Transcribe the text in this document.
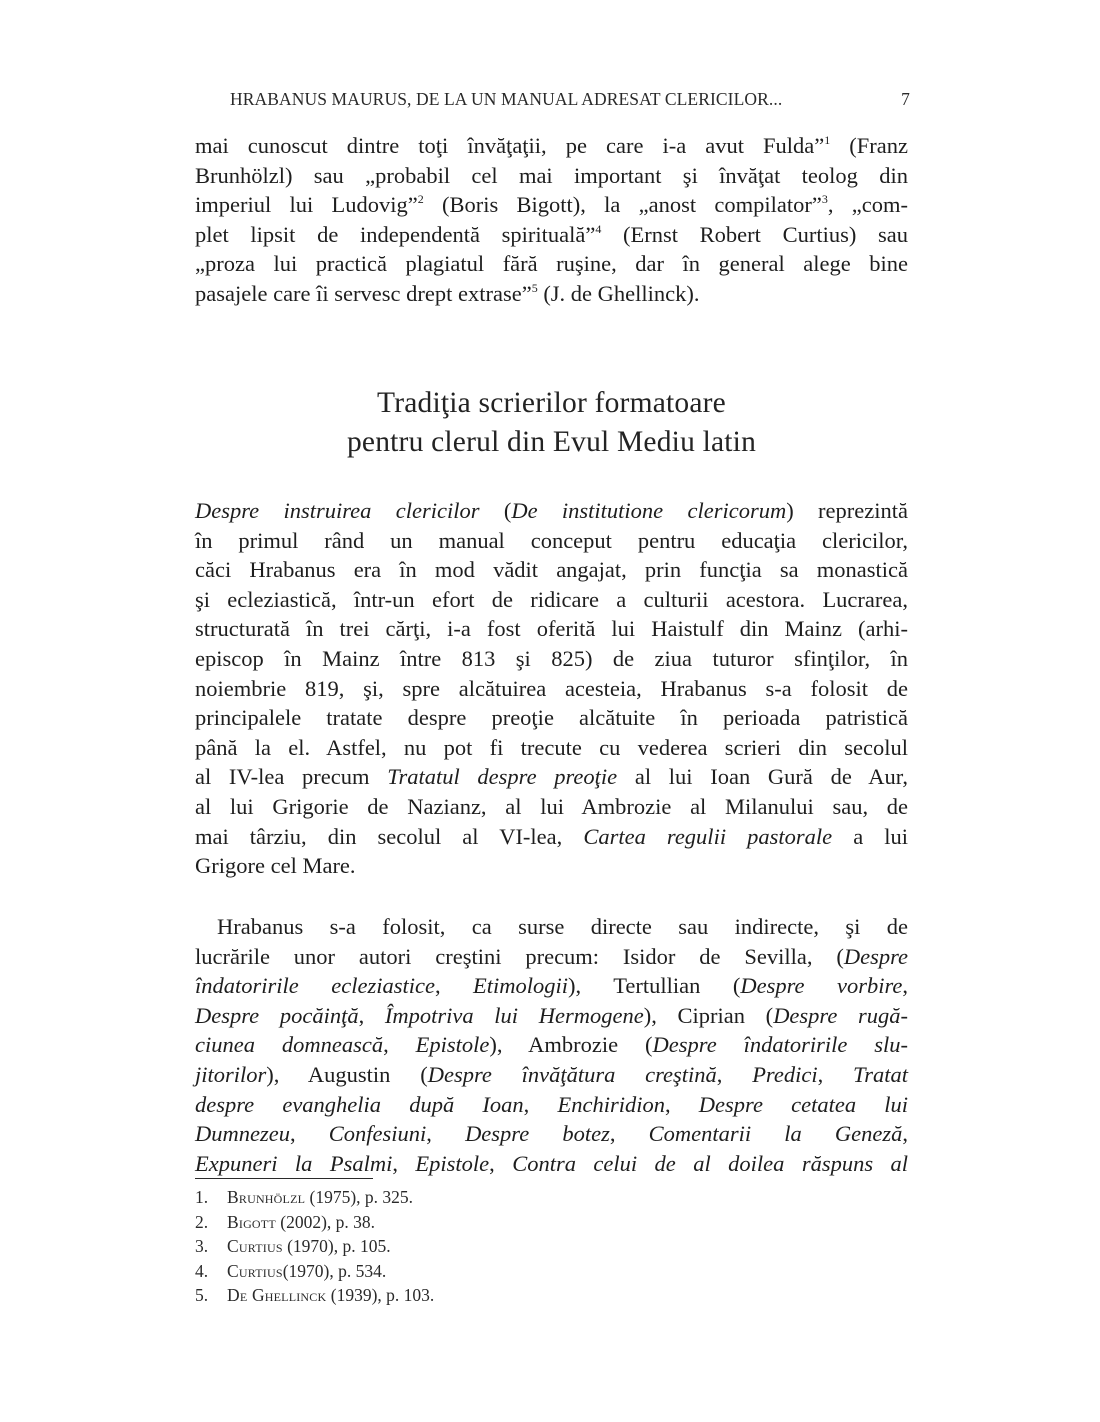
HRABANUS MAURUS, DE LA UN MANUAL ADRESAT CLERICILOR...	7
mai cunoscut dintre toţi învăţaţii, pe care i-a avut Fulda”$^1$ (Franz
Brunhölzl) sau „probabil cel mai important şi învăţat teolog din
imperiul lui Ludovig”$^2$ (Boris Bigott), la „anost compilator”$^3$, „com-
plet lipsit de independentă spirituală”$^4$ (Ernst Robert Curtius) sau
„proza lui practică plagiatul fără ruşine, dar în general alege bine
pasajele care îi servesc drept extrase”$^5$ (J. de Ghellinck).
Tradiţia scrierilor formatoare
pentru clerul din Evul Mediu latin
Despre instruirea clericilor (De institutione clericorum) reprezintă
în primul rând un manual conceput pentru educaţia clericilor,
căci Hrabanus era în mod vădit angajat, prin funcţia sa monastică
şi ecleziastică, într-un efort de ridicare a culturii acestora. Lucrarea,
structurată în trei cărţi, i-a fost oferită lui Haistulf din Mainz (arhi-
episcop în Mainz între 813 şi 825) de ziua tuturor sfinţilor, în
noiembrie 819, şi, spre alcătuirea acesteia, Hrabanus s-a folosit de
principalele tratate despre preoţie alcătuite în perioada patristică
până la el. Astfel, nu pot fi trecute cu vederea scrieri din secolul
al IV-lea precum Tratatul despre preoţie al lui Ioan Gură de Aur,
al lui Grigorie de Nazianz, al lui Ambrozie al Milanului sau, de
mai târziu, din secolul al VI-lea, Cartea regulii pastorale a lui
Grigore cel Mare.
Hrabanus s-a folosit, ca surse directe sau indirecte, şi de
lucrările unor autori creştini precum: Isidor de Sevilla, (Despre
îndatoririle ecleziastice, Etimologii), Tertullian (Despre vorbire,
Despre pocăinţă, Împotriva lui Hermogene), Ciprian (Despre rugă-
ciunea domnească, Epistole), Ambrozie (Despre îndatoririle slu-
jitorilor), Augustin (Despre învăţătura creştină, Predici, Tratat
despre evanghelia după Ioan, Enchiridion, Despre cetatea lui
Dumnezeu, Confesiuni, Despre botez, Comentarii la Geneză,
Expuneri la Psalmi, Epistole, Contra celui de al doilea răspuns al
1. Brunhölzl (1975), p. 325.
2. Bigott (2002), p. 38.
3. Curtius (1970), p. 105.
4. Curtius(1970), p. 534.
5. De Ghellinck (1939), p. 103.
